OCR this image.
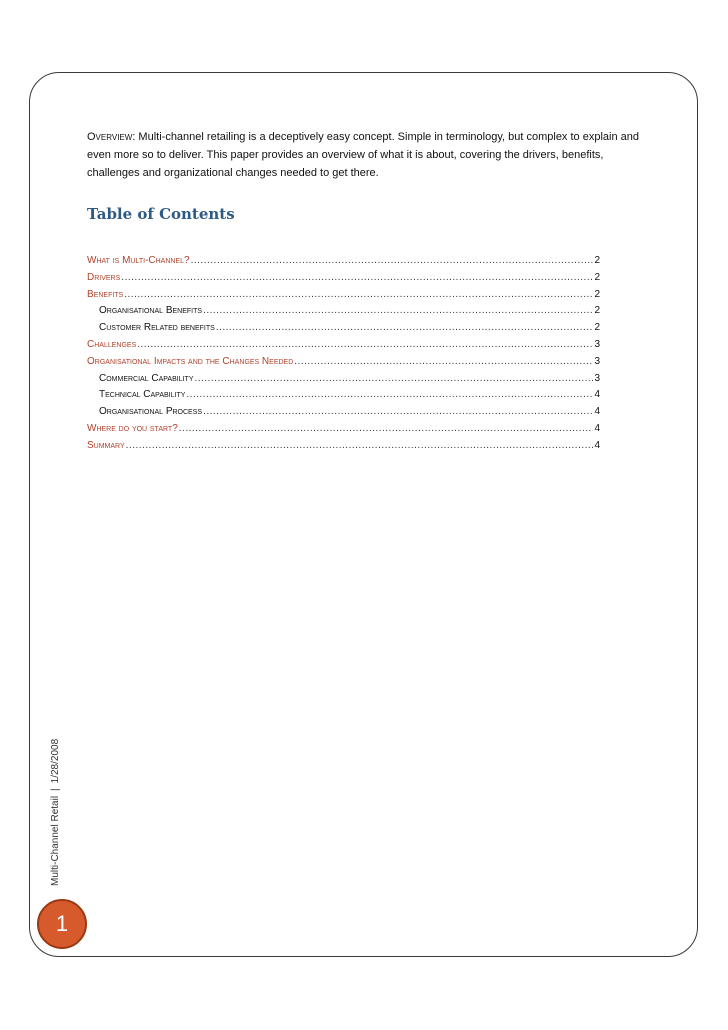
Overview: Multi-channel retailing is a deceptively easy concept. Simple in terminology, but complex to explain and even more so to deliver. This paper provides an overview of what it is about, covering the drivers, benefits, challenges and organizational changes needed to get there.
Table of Contents
What is Multi-Channel? .....	2
Drivers .....	2
Benefits .....	2
Organisational Benefits .....	2
Customer Related benefits .....	2
Challenges .....	3
Organisational Impacts and the Changes Needed .....	3
Commercial Capability .....	3
Technical Capability .....	4
Organisational Process .....	4
Where do you start? .....	4
Summary .....	4
Multi-Channel Retail|1/28/2008
1
